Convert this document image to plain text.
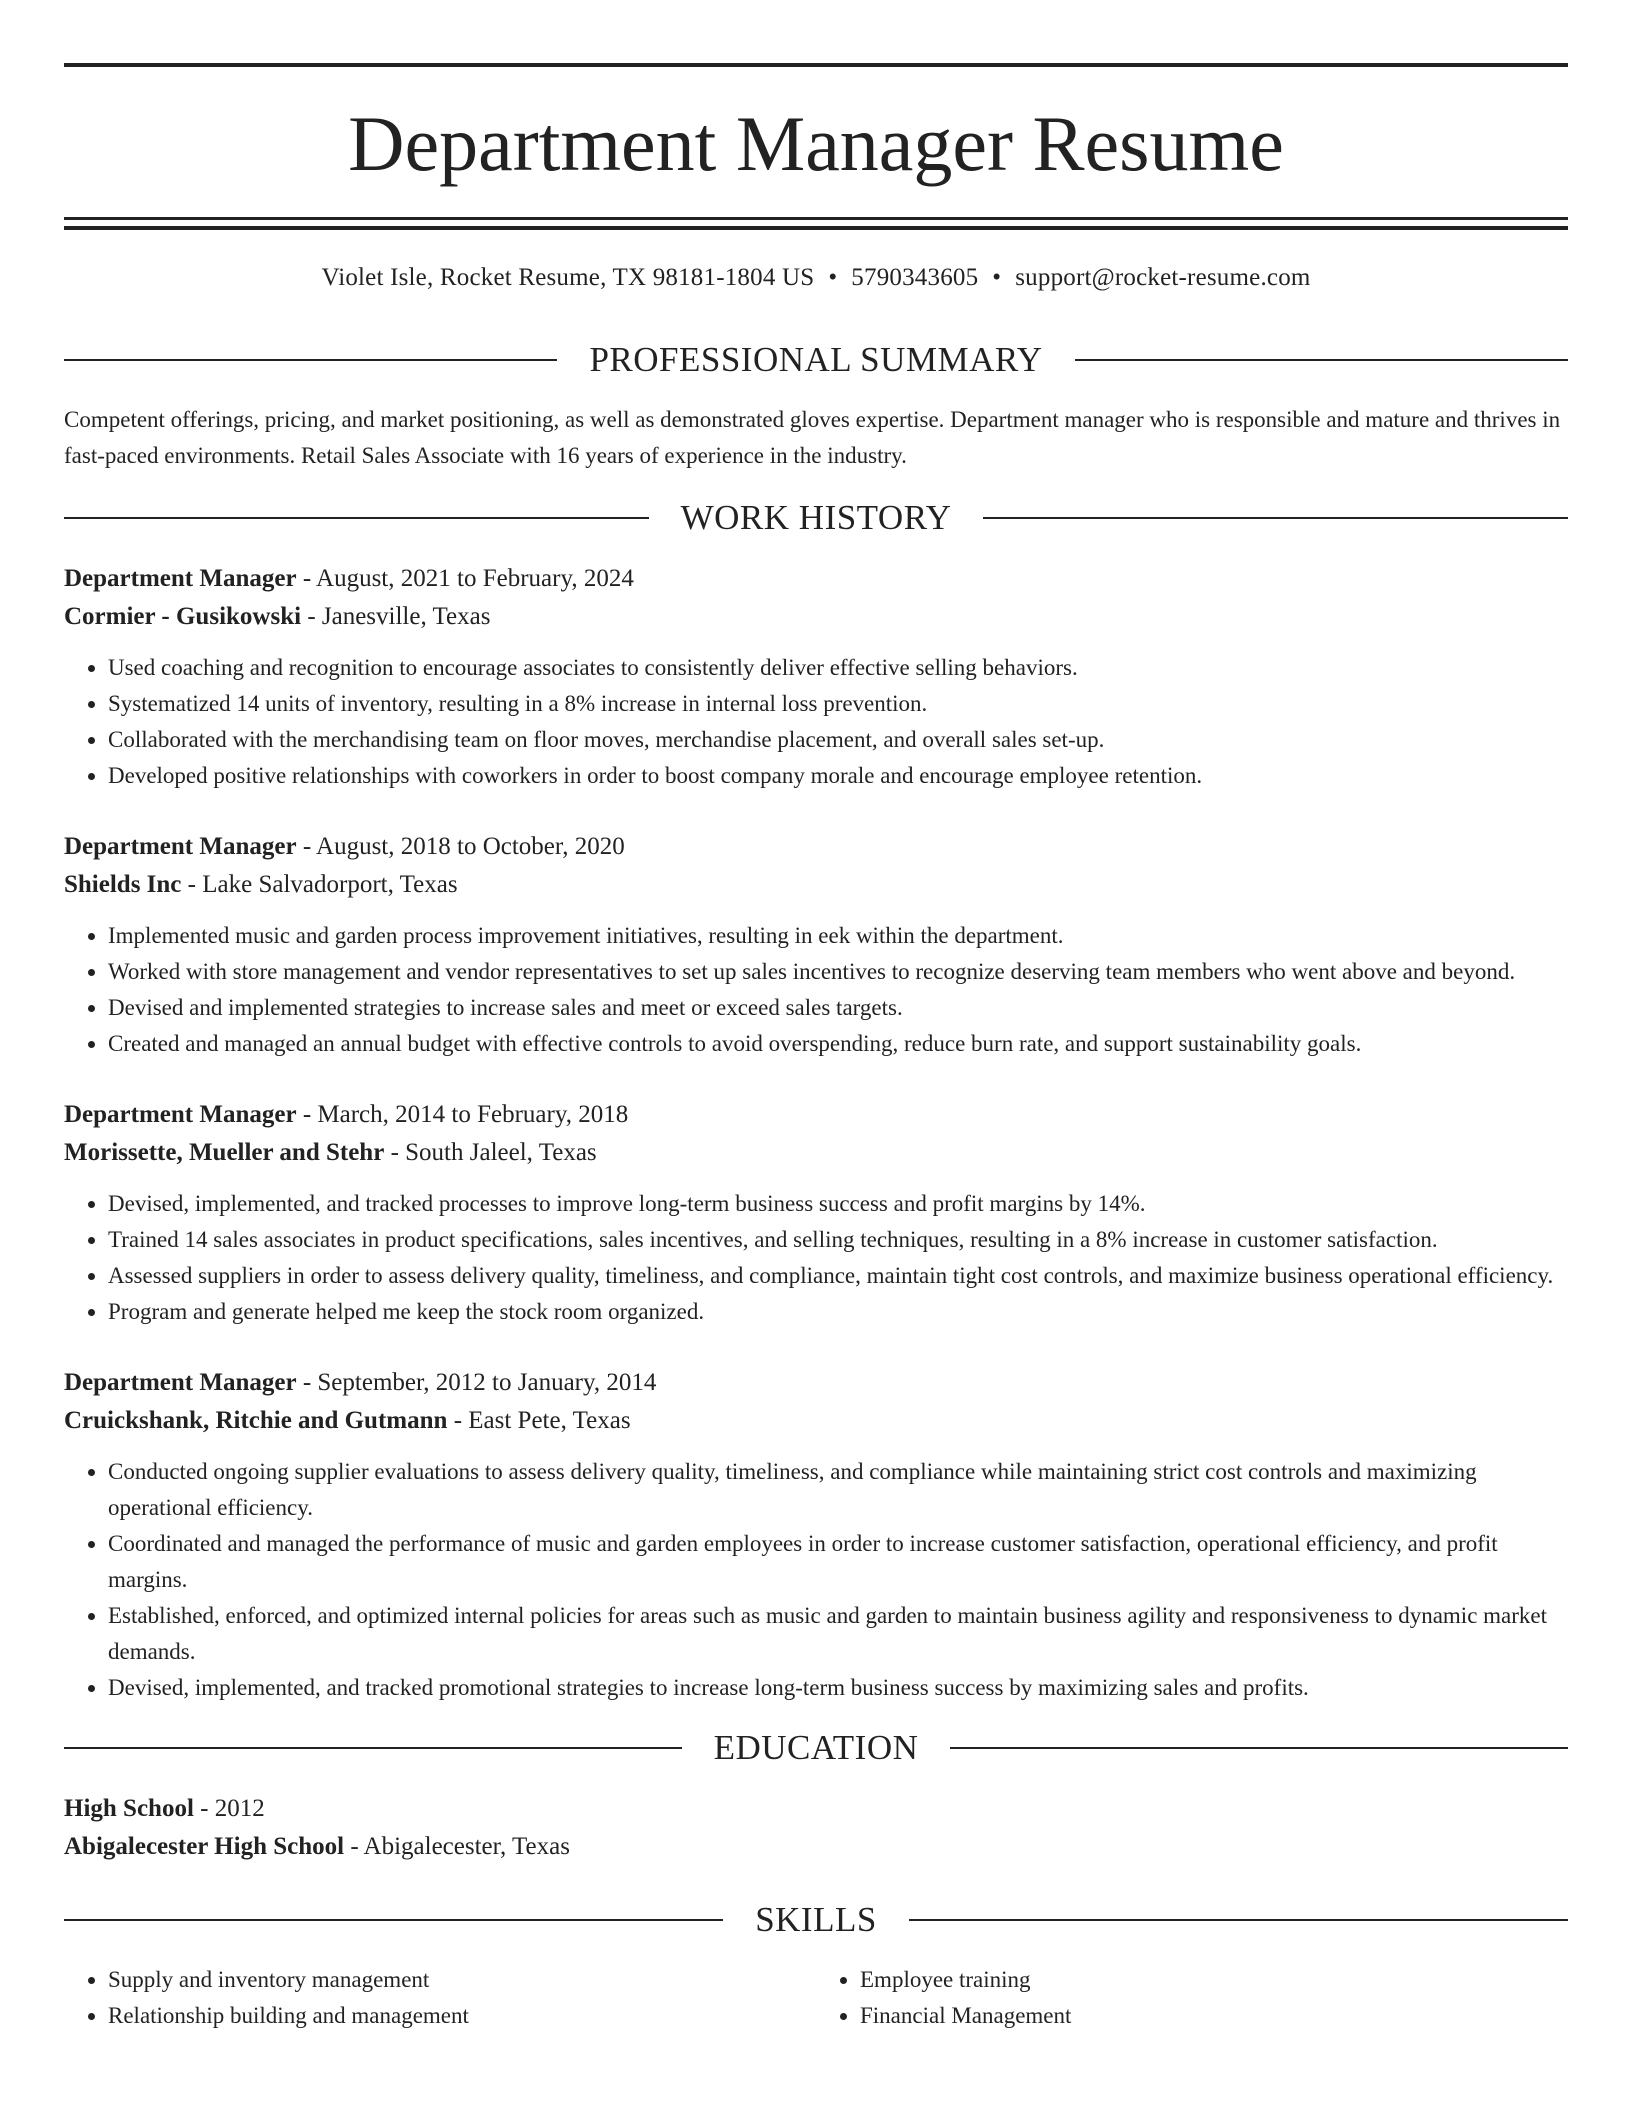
Department Manager Resume
Violet Isle, Rocket Resume, TX 98181-1804 US • 5790343605 • support@rocket-resume.com
PROFESSIONAL SUMMARY

Competent offerings, pricing, and market positioning, as well as demonstrated gloves expertise. Department manager who is responsible and mature and thrives in fast-paced environments. Retail Sales Associate with 16 years of experience in the industry.

WORK HISTORY
Department Manager - August, 2021 to February, 2024
Cormier - Gusikowski - Janesville, Texas
• Used coaching and recognition to encourage associates to consistently deliver effective selling behaviors.
• Systematized 14 units of inventory, resulting in a 8% increase in internal loss prevention.
• Collaborated with the merchandising team on floor moves, merchandise placement, and overall sales set-up.
• Developed positive relationships with coworkers in order to boost company morale and encourage employee retention.
Department Manager - August, 2018 to October, 2020
Shields Inc - Lake Salvadorport, Texas
• Implemented music and garden process improvement initiatives, resulting in eek within the department.
• Worked with store management and vendor representatives to set up sales incentives to recognize deserving team members who went above and beyond.
• Devised and implemented strategies to increase sales and meet or exceed sales targets.
• Created and managed an annual budget with effective controls to avoid overspending, reduce burn rate, and support sustainability goals.
Department Manager - March, 2014 to February, 2018
Morissette, Mueller and Stehr - South Jaleel, Texas
• Devised, implemented, and tracked processes to improve long-term business success and profit margins by 14%.
• Trained 14 sales associates in product specifications, sales incentives, and selling techniques, resulting in a 8% increase in customer satisfaction.
• Assessed suppliers in order to assess delivery quality, timeliness, and compliance, maintain tight cost controls, and maximize business operational efficiency.
• Program and generate helped me keep the stock room organized.
Department Manager - September, 2012 to January, 2014
Cruickshank, Ritchie and Gutmann - East Pete, Texas
• Conducted ongoing supplier evaluations to assess delivery quality, timeliness, and compliance while maintaining strict cost controls and maximizing operational efficiency.
• Coordinated and managed the performance of music and garden employees in order to increase customer satisfaction, operational efficiency, and profit margins.
• Established, enforced, and optimized internal policies for areas such as music and garden to maintain business agility and responsiveness to dynamic market demands.
• Devised, implemented, and tracked promotional strategies to increase long-term business success by maximizing sales and profits.
EDUCATION
High School - 2012
Abigalecester High School - Abigalecester, Texas
SKILLS
• Supply and inventory management
• Relationship building and management
• Employee training
• Financial Management
